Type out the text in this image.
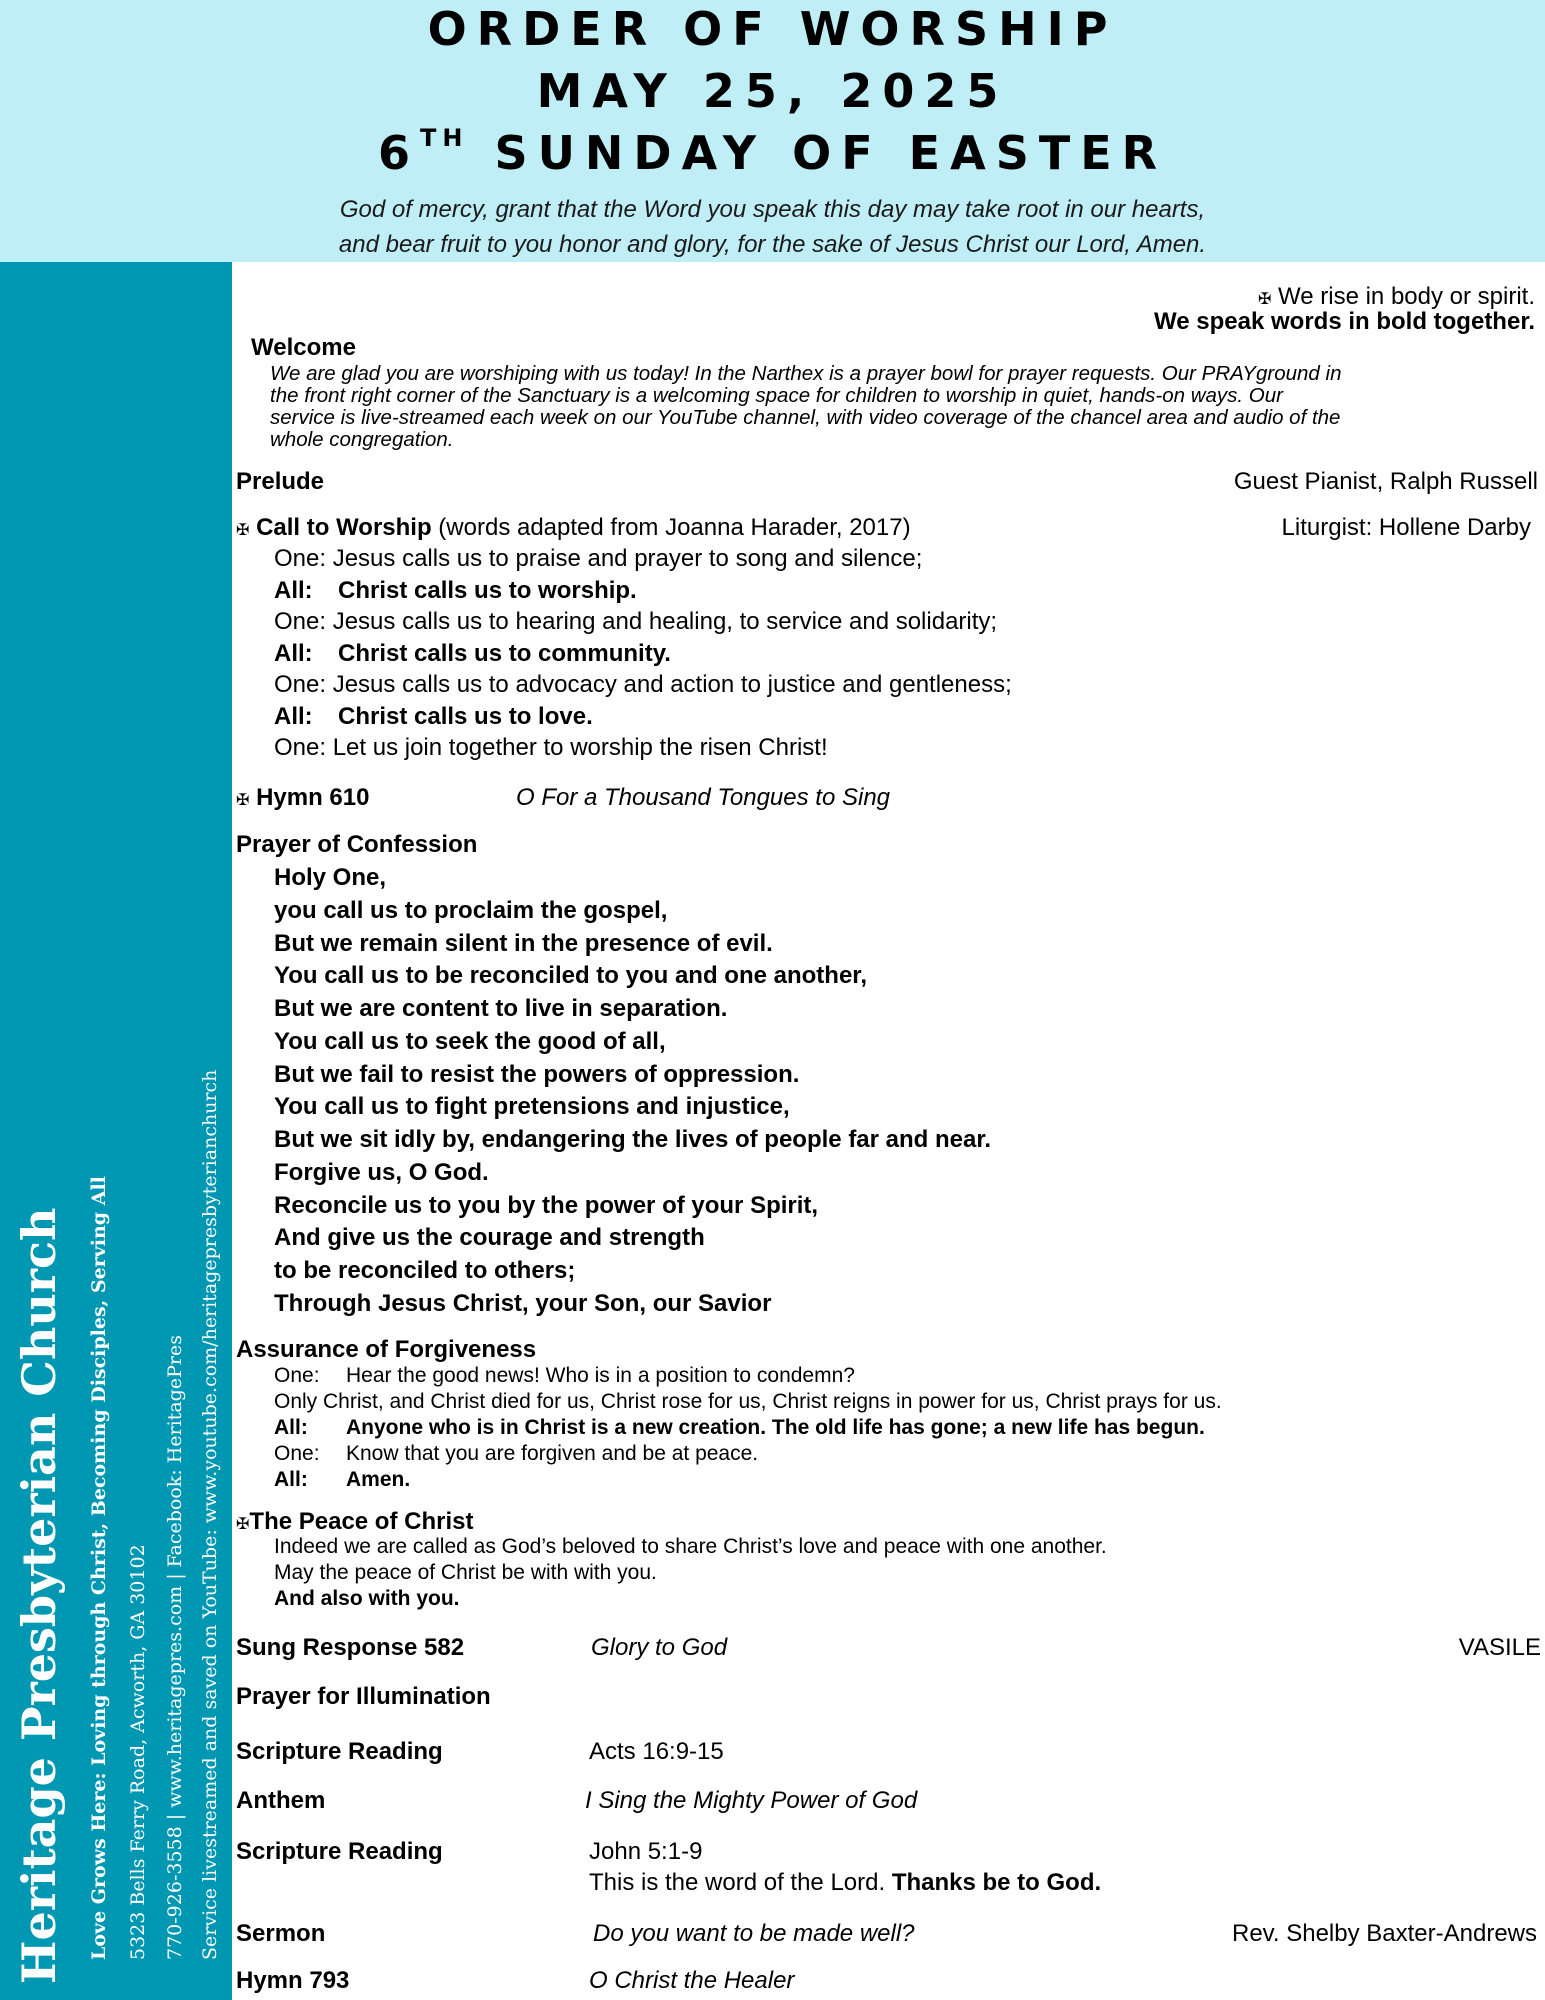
ORDER OF WORSHIP
MAY 25, 2025
6TH SUNDAY OF EASTER
God of mercy, grant that the Word you speak this day may take root in our hearts,
and bear fruit to you honor and glory, for the sake of Jesus Christ our Lord, Amen.
Heritage Presbyterian Church Love Grows Here: Loving through Christ, Becoming Disciples, Serving All 5323 Bells Ferry Road, Acworth, GA 30102 770-926-3558 | www.heritagepres.com | Facebook: HeritagePres Service livestreamed and saved on YouTube: www.youtube.com/heritagepresbyterianchurch
✠ We rise in body or spirit.
We speak words in bold together.
Welcome
We are glad you are worshiping with us today! In the Narthex is a prayer bowl for prayer requests. Our PRAYground in
the front right corner of the Sanctuary is a welcoming space for children to worship in quiet, hands-on ways. Our
service is live-streamed each week on our YouTube channel, with video coverage of the chancel area and audio of the
whole congregation.
Prelude	Guest Pianist, Ralph Russell
✠ Call to Worship (words adapted from Joanna Harader, 2017)	Liturgist: Hollene Darby
One: Jesus calls us to praise and prayer to song and silence;
All: Christ calls us to worship.
One: Jesus calls us to hearing and healing, to service and solidarity;
All: Christ calls us to community.
One: Jesus calls us to advocacy and action to justice and gentleness;
All: Christ calls us to love.
One: Let us join together to worship the risen Christ!
✠ Hymn 610	O For a Thousand Tongues to Sing
Prayer of Confession
Holy One,
you call us to proclaim the gospel,
But we remain silent in the presence of evil.
You call us to be reconciled to you and one another,
But we are content to live in separation.
You call us to seek the good of all,
But we fail to resist the powers of oppression.
You call us to fight pretensions and injustice,
But we sit idly by, endangering the lives of people far and near.
Forgive us, O God.
Reconcile us to you by the power of your Spirit,
And give us the courage and strength
to be reconciled to others;
Through Jesus Christ, your Son, our Savior
Assurance of Forgiveness
One: Hear the good news! Who is in a position to condemn?
Only Christ, and Christ died for us, Christ rose for us, Christ reigns in power for us, Christ prays for us.
All: Anyone who is in Christ is a new creation. The old life has gone; a new life has begun.
One: Know that you are forgiven and be at peace.
All: Amen.
✠The Peace of Christ
Indeed we are called as God’s beloved to share Christ’s love and peace with one another.
May the peace of Christ be with with you.
And also with you.
Sung Response 582	Glory to God	VASILE
Prayer for Illumination
Scripture Reading	Acts 16:9-15
Anthem	I Sing the Mighty Power of God
Scripture Reading	John 5:1-9
This is the word of the Lord. Thanks be to God.
Sermon	Do you want to be made well?	Rev. Shelby Baxter-Andrews
Hymn 793	O Christ the Healer
